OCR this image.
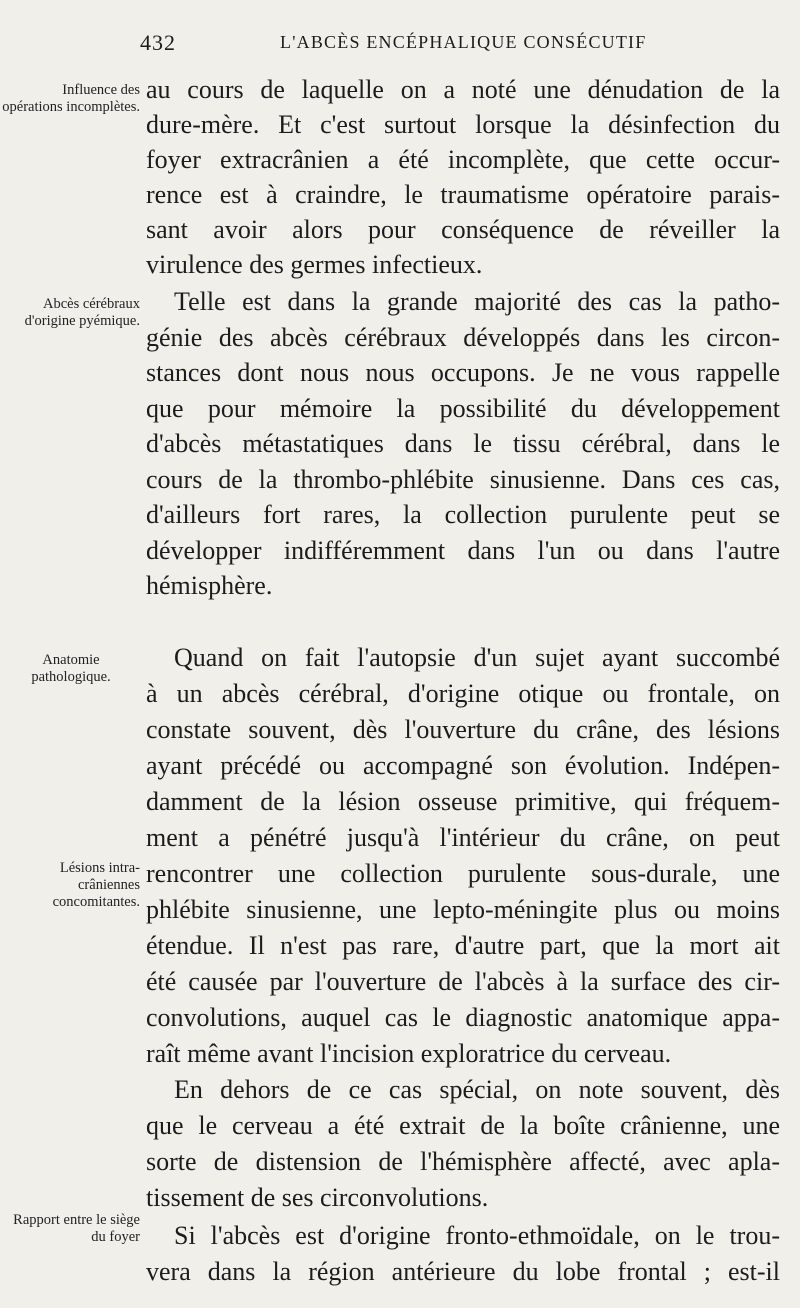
432	L'ABCÈS ENCÉPHALIQUE CONSÉCUTIF
Influence des opérations incomplètes.
Abcès cérébraux d'origine pyémique.
Anatomie pathologique.
Lésions intra-crâniennes concomitantes.
Rapport entre le siège du foyer
au cours de laquelle on a noté une dénudation de la
dure-mère. Et c'est surtout lorsque la désinfection du
foyer extracrânien a été incomplète, que cette occur-
rence est à craindre, le traumatisme opératoire parais-
sant avoir alors pour conséquence de réveiller la
virulence des germes infectieux.
Telle est dans la grande majorité des cas la patho-
génie des abcès cérébraux développés dans les circon-
stances dont nous nous occupons. Je ne vous rappelle
que pour mémoire la possibilité du développement
d'abcès métastatiques dans le tissu cérébral, dans le
cours de la thrombo-phlébite sinusienne. Dans ces cas,
d'ailleurs fort rares, la collection purulente peut se
développer indifféremment dans l'un ou dans l'autre
hémisphère.
Quand on fait l'autopsie d'un sujet ayant succombé
à un abcès cérébral, d'origine otique ou frontale, on
constate souvent, dès l'ouverture du crâne, des lésions
ayant précédé ou accompagné son évolution. Indépen-
damment de la lésion osseuse primitive, qui fréquem-
ment a pénétré jusqu'à l'intérieur du crâne, on peut
rencontrer une collection purulente sous-durale, une
phlébite sinusienne, une lepto-méningite plus ou moins
étendue. Il n'est pas rare, d'autre part, que la mort ait
été causée par l'ouverture de l'abcès à la surface des cir-
convolutions, auquel cas le diagnostic anatomique appa-
raît même avant l'incision exploratrice du cerveau.
En dehors de ce cas spécial, on note souvent, dès
que le cerveau a été extrait de la boîte crânienne, une
sorte de distension de l'hémisphère affecté, avec apla-
tissement de ses circonvolutions.
Si l'abcès est d'origine fronto-ethmoïdale, on le trou-
vera dans la région antérieure du lobe frontal ; est-il
